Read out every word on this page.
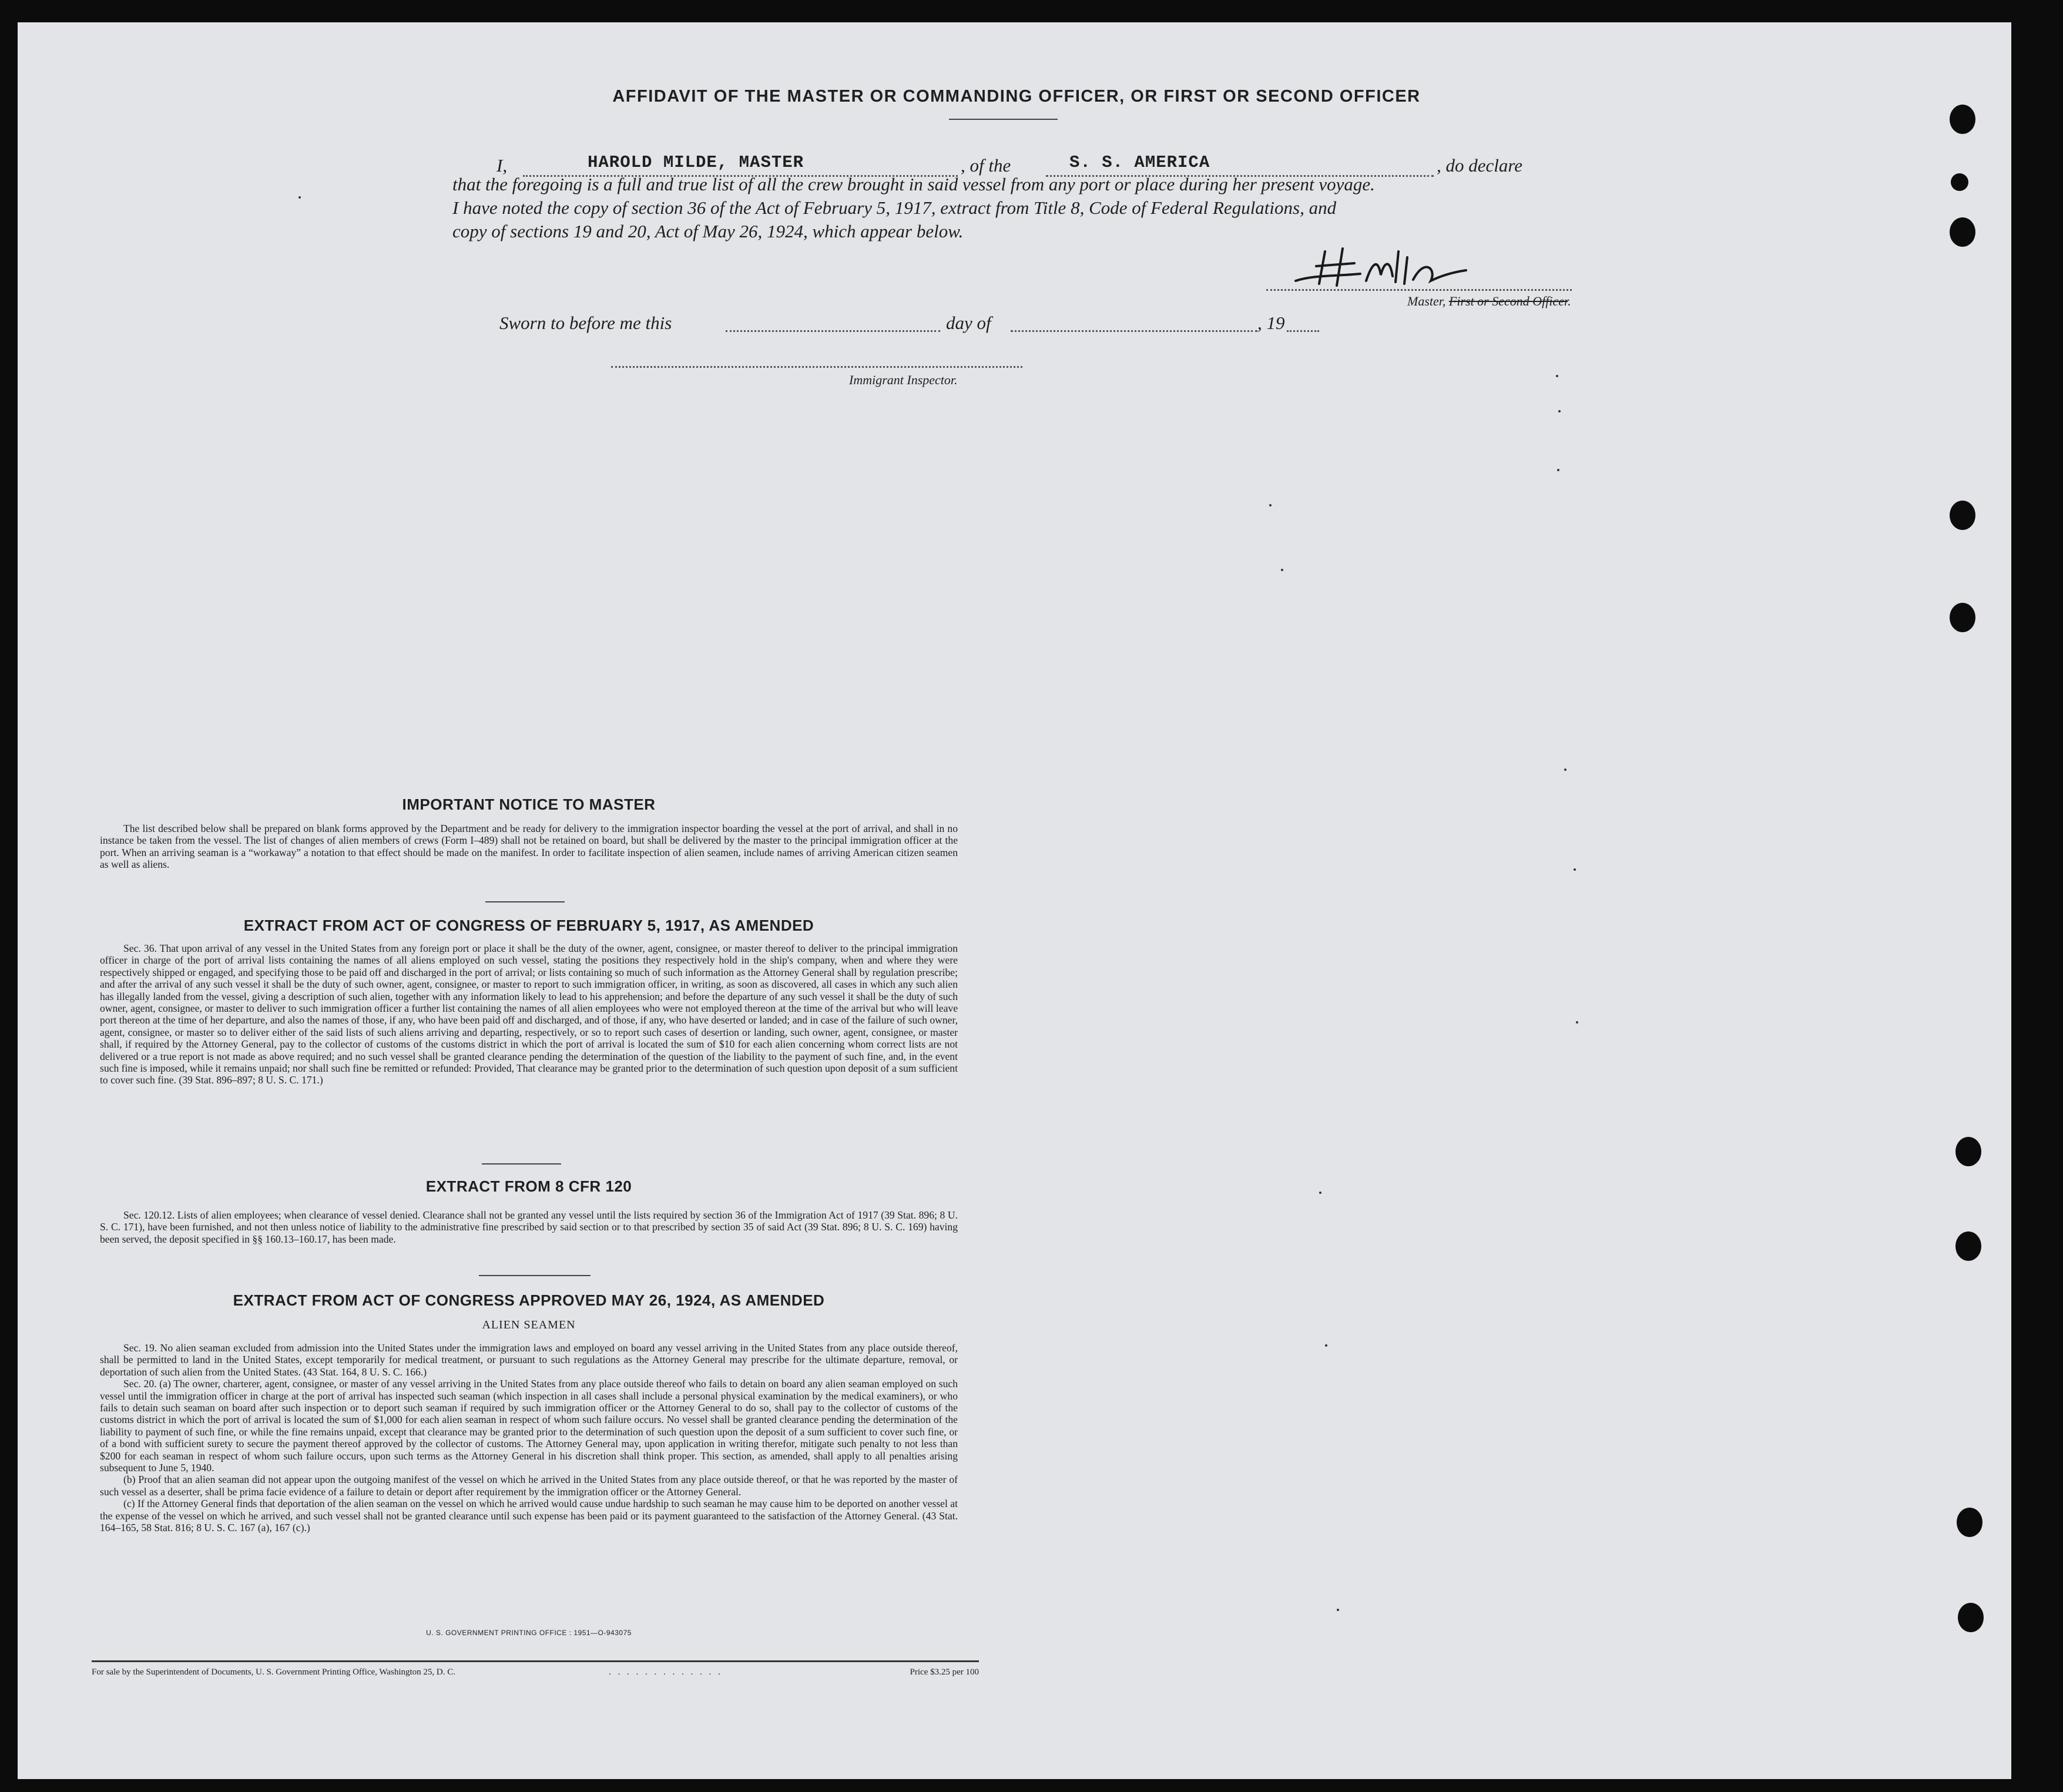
AFFIDAVIT OF THE MASTER OR COMMANDING OFFICER, OR FIRST OR SECOND OFFICER
I,	HAROLD MILDE, MASTER	, of the	S. S. AMERICA	, do declare
that the foregoing is a full and true list of all the crew brought in said vessel from any port or place during her present voyage.
I have noted the copy of section 36 of the Act of February 5, 1917, extract from Title 8, Code of Federal Regulations, and
copy of sections 19 and 20, Act of May 26, 1924, which appear below.
Master, First or Second Officer.
Sworn to before me this	day of	, 19
Immigrant Inspector.
IMPORTANT NOTICE TO MASTER

The list described below shall be prepared on blank forms approved by the Department and be ready for delivery to the immigration inspector boarding the vessel at the port of arrival, and shall in no instance be taken from the vessel. The list of changes of alien members of crews (Form I–489) shall not be retained on board, but shall be delivered by the master to the principal immigration officer at the port. When an arriving seaman is a “workaway” a notation to that effect should be made on the manifest. In order to facilitate inspection of alien seamen, include names of arriving American citizen seamen as well as aliens.

EXTRACT FROM ACT OF CONGRESS OF FEBRUARY 5, 1917, AS AMENDED

Sec. 36. That upon arrival of any vessel in the United States from any foreign port or place it shall be the duty of the owner, agent, consignee, or master thereof to deliver to the principal immigration officer in charge of the port of arrival lists containing the names of all aliens employed on such vessel, stating the positions they respectively hold in the ship's company, when and where they were respectively shipped or engaged, and specifying those to be paid off and discharged in the port of arrival; or lists containing so much of such information as the Attorney General shall by regulation prescribe; and after the arrival of any such vessel it shall be the duty of such owner, agent, consignee, or master to report to such immigration officer, in writing, as soon as discovered, all cases in which any such alien has illegally landed from the vessel, giving a description of such alien, together with any information likely to lead to his apprehension; and before the departure of any such vessel it shall be the duty of such owner, agent, consignee, or master to deliver to such immigration officer a further list containing the names of all alien employees who were not employed thereon at the time of the arrival but who will leave port thereon at the time of her departure, and also the names of those, if any, who have been paid off and discharged, and of those, if any, who have deserted or landed; and in case of the failure of such owner, agent, consignee, or master so to deliver either of the said lists of such aliens arriving and departing, respectively, or so to report such cases of desertion or landing, such owner, agent, consignee, or master shall, if required by the Attorney General, pay to the collector of customs of the customs district in which the port of arrival is located the sum of $10 for each alien concerning whom correct lists are not delivered or a true report is not made as above required; and no such vessel shall be granted clearance pending the determination of the question of the liability to the payment of such fine, and, in the event such fine is imposed, while it remains unpaid; nor shall such fine be remitted or refunded: Provided, That clearance may be granted prior to the determination of such question upon deposit of a sum sufficient to cover such fine. (39 Stat. 896–897; 8 U. S. C. 171.)

EXTRACT FROM 8 CFR 120

Sec. 120.12. Lists of alien employees; when clearance of vessel denied. Clearance shall not be granted any vessel until the lists required by section 36 of the Immigration Act of 1917 (39 Stat. 896; 8 U. S. C. 171), have been furnished, and not then unless notice of liability to the administrative fine prescribed by said section or to that prescribed by section 35 of said Act (39 Stat. 896; 8 U. S. C. 169) having been served, the deposit specified in §§ 160.13–160.17, has been made.

EXTRACT FROM ACT OF CONGRESS APPROVED MAY 26, 1924, AS AMENDED
ALIEN SEAMEN

Sec. 19. No alien seaman excluded from admission into the United States under the immigration laws and employed on board any vessel arriving in the United States from any place outside thereof, shall be permitted to land in the United States, except temporarily for medical treatment, or pursuant to such regulations as the Attorney General may prescribe for the ultimate departure, removal, or deportation of such alien from the United States. (43 Stat. 164, 8 U. S. C. 166.)

Sec. 20. (a) The owner, charterer, agent, consignee, or master of any vessel arriving in the United States from any place outside thereof who fails to detain on board any alien seaman employed on such vessel until the immigration officer in charge at the port of arrival has inspected such seaman (which inspection in all cases shall include a personal physical examination by the medical examiners), or who fails to detain such seaman on board after such inspection or to deport such seaman if required by such immigration officer or the Attorney General to do so, shall pay to the collector of customs of the customs district in which the port of arrival is located the sum of $1,000 for each alien seaman in respect of whom such failure occurs. No vessel shall be granted clearance pending the determination of the liability to payment of such fine, or while the fine remains unpaid, except that clearance may be granted prior to the determination of such question upon the deposit of a sum sufficient to cover such fine, or of a bond with sufficient surety to secure the payment thereof approved by the collector of customs. The Attorney General may, upon application in writing therefor, mitigate such penalty to not less than $200 for each seaman in respect of whom such failure occurs, upon such terms as the Attorney General in his discretion shall think proper. This section, as amended, shall apply to all penalties arising subsequent to June 5, 1940.

(b) Proof that an alien seaman did not appear upon the outgoing manifest of the vessel on which he arrived in the United States from any place outside thereof, or that he was reported by the master of such vessel as a deserter, shall be prima facie evidence of a failure to detain or deport after requirement by the immigration officer or the Attorney General.

(c) If the Attorney General finds that deportation of the alien seaman on the vessel on which he arrived would cause undue hardship to such seaman he may cause him to be deported on another vessel at the expense of the vessel on which he arrived, and such vessel shall not be granted clearance until such expense has been paid or its payment guaranteed to the satisfaction of the Attorney General. (43 Stat. 164–165, 58 Stat. 816; 8 U. S. C. 167 (a), 167 (c).)

U. S. GOVERNMENT PRINTING OFFICE : 1951—O-943075
For sale by the Superintendent of Documents, U. S. Government Printing Office, Washington 25, D. C.	. . . . . . . . . . . . .	Price $3.25 per 100
